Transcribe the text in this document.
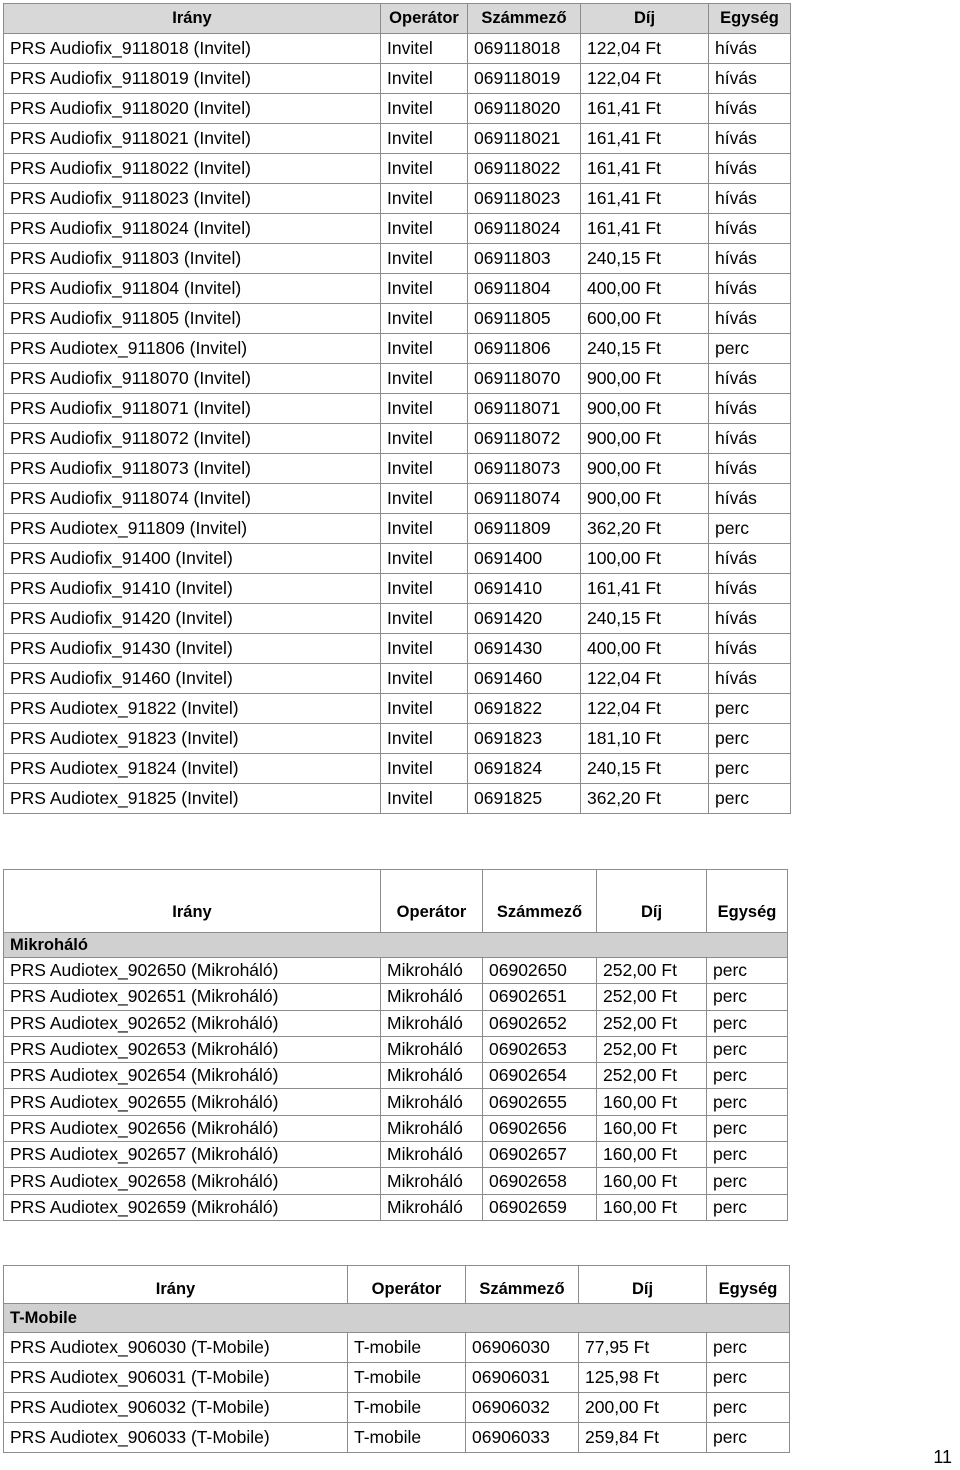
Irány	Operátor	Számmező	Díj	Egység
PRS Audiofix_9118018 (Invitel)	Invitel	069118018	122,04 Ft	hívás
PRS Audiofix_9118019 (Invitel)	Invitel	069118019	122,04 Ft	hívás
PRS Audiofix_9118020 (Invitel)	Invitel	069118020	161,41 Ft	hívás
PRS Audiofix_9118021 (Invitel)	Invitel	069118021	161,41 Ft	hívás
PRS Audiofix_9118022 (Invitel)	Invitel	069118022	161,41 Ft	hívás
PRS Audiofix_9118023 (Invitel)	Invitel	069118023	161,41 Ft	hívás
PRS Audiofix_9118024 (Invitel)	Invitel	069118024	161,41 Ft	hívás
PRS Audiofix_911803 (Invitel)	Invitel	06911803	240,15 Ft	hívás
PRS Audiofix_911804 (Invitel)	Invitel	06911804	400,00 Ft	hívás
PRS Audiofix_911805 (Invitel)	Invitel	06911805	600,00 Ft	hívás
PRS Audiotex_911806 (Invitel)	Invitel	06911806	240,15 Ft	perc
PRS Audiofix_9118070 (Invitel)	Invitel	069118070	900,00 Ft	hívás
PRS Audiofix_9118071 (Invitel)	Invitel	069118071	900,00 Ft	hívás
PRS Audiofix_9118072 (Invitel)	Invitel	069118072	900,00 Ft	hívás
PRS Audiofix_9118073 (Invitel)	Invitel	069118073	900,00 Ft	hívás
PRS Audiofix_9118074 (Invitel)	Invitel	069118074	900,00 Ft	hívás
PRS Audiotex_911809 (Invitel)	Invitel	06911809	362,20 Ft	perc
PRS Audiofix_91400 (Invitel)	Invitel	0691400	100,00 Ft	hívás
PRS Audiofix_91410 (Invitel)	Invitel	0691410	161,41 Ft	hívás
PRS Audiofix_91420 (Invitel)	Invitel	0691420	240,15 Ft	hívás
PRS Audiofix_91430 (Invitel)	Invitel	0691430	400,00 Ft	hívás
PRS Audiofix_91460 (Invitel)	Invitel	0691460	122,04 Ft	hívás
PRS Audiotex_91822 (Invitel)	Invitel	0691822	122,04 Ft	perc
PRS Audiotex_91823 (Invitel)	Invitel	0691823	181,10 Ft	perc
PRS Audiotex_91824 (Invitel)	Invitel	0691824	240,15 Ft	perc
PRS Audiotex_91825 (Invitel)	Invitel	0691825	362,20 Ft	perc
Irány	Operátor	Számmező	Díj	Egység
Mikroháló				
PRS Audiotex_902650 (Mikroháló)	Mikroháló	06902650	252,00 Ft	perc
PRS Audiotex_902651 (Mikroháló)	Mikroháló	06902651	252,00 Ft	perc
PRS Audiotex_902652 (Mikroháló)	Mikroháló	06902652	252,00 Ft	perc
PRS Audiotex_902653 (Mikroháló)	Mikroháló	06902653	252,00 Ft	perc
PRS Audiotex_902654 (Mikroháló)	Mikroháló	06902654	252,00 Ft	perc
PRS Audiotex_902655 (Mikroháló)	Mikroháló	06902655	160,00 Ft	perc
PRS Audiotex_902656 (Mikroháló)	Mikroháló	06902656	160,00 Ft	perc
PRS Audiotex_902657 (Mikroháló)	Mikroháló	06902657	160,00 Ft	perc
PRS Audiotex_902658 (Mikroháló)	Mikroháló	06902658	160,00 Ft	perc
PRS Audiotex_902659 (Mikroháló)	Mikroháló	06902659	160,00 Ft	perc
Irány	Operátor	Számmező	Díj	Egység
T-Mobile				
PRS Audiotex_906030 (T-Mobile)	T-mobile	06906030	77,95 Ft	perc
PRS Audiotex_906031 (T-Mobile)	T-mobile	06906031	125,98 Ft	perc
PRS Audiotex_906032 (T-Mobile)	T-mobile	06906032	200,00 Ft	perc
PRS Audiotex_906033 (T-Mobile)	T-mobile	06906033	259,84 Ft	perc
11
